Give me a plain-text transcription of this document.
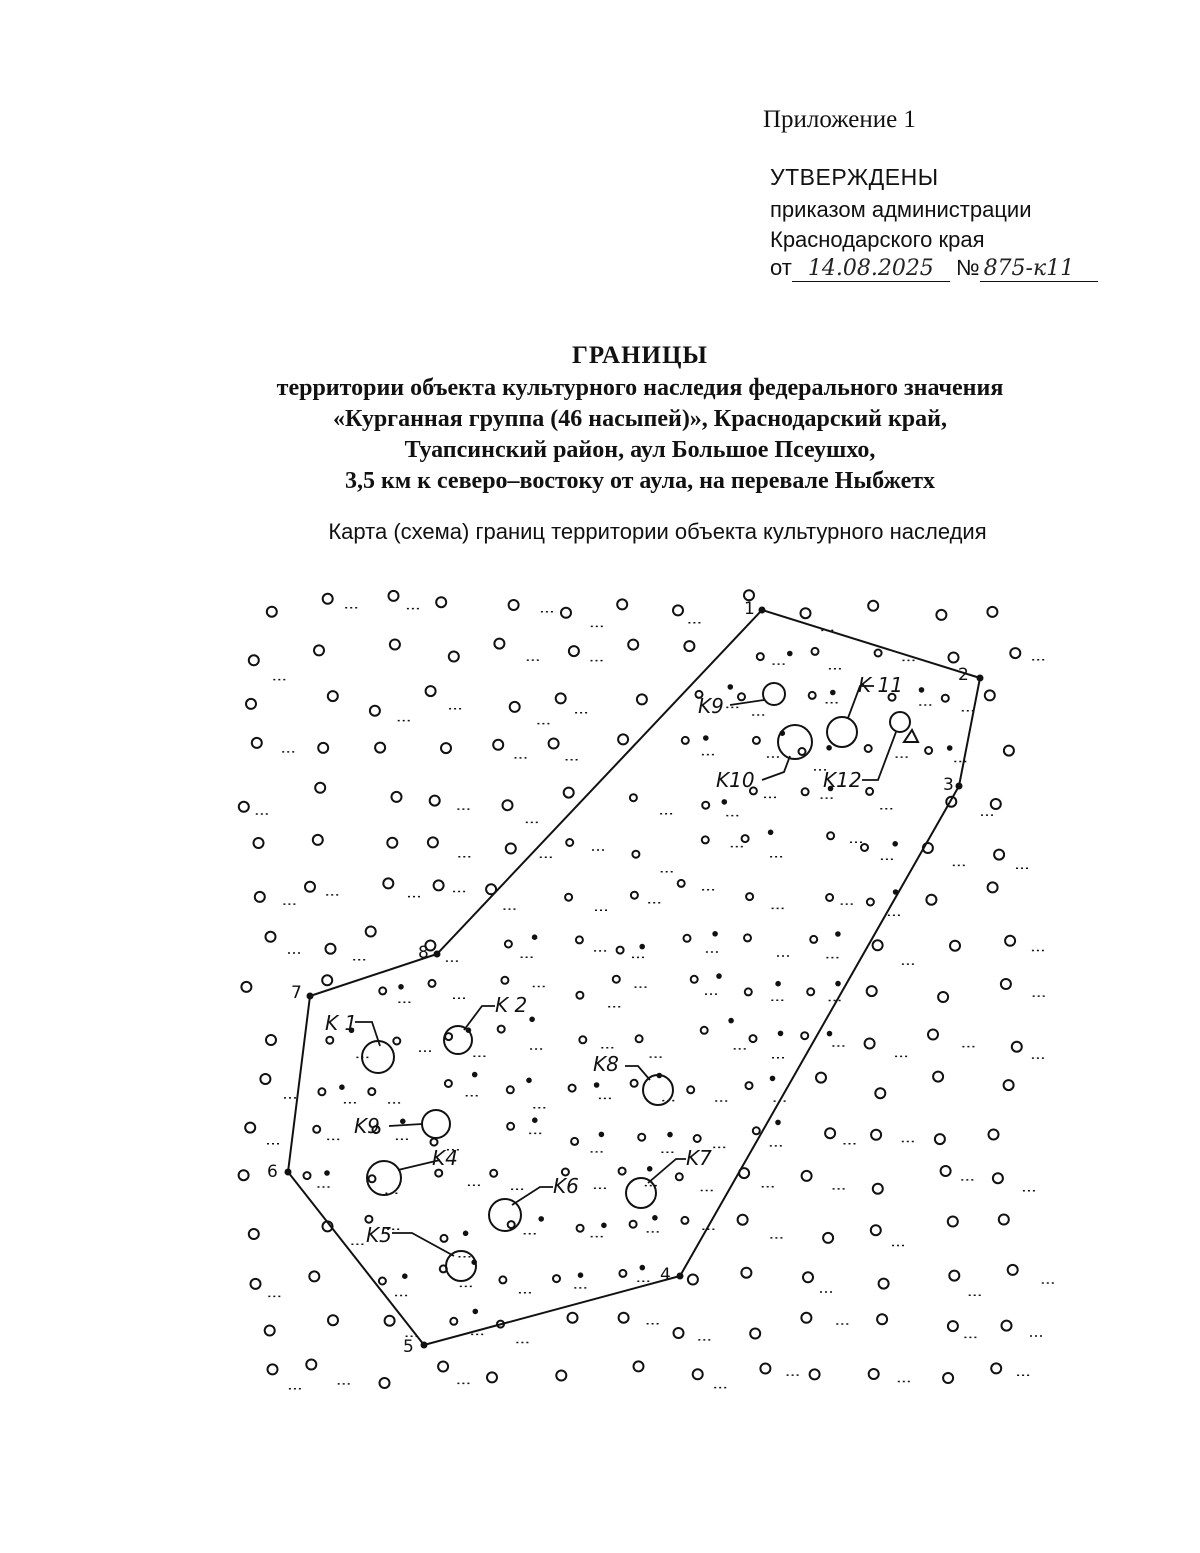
Приложение 1
УТВЕРЖДЕНЫ
приказом администрации
Краснодарского края
от 14.08.2025 № 875-к11
ГРАНИЦЫ
территории объекта культурного наследия федерального значения
«Курганная группа (46 насыпей)», Краснодарский край,
Туапсинский район, аул Большое Псеушхо,
3,5 км к северо–востоку от аула, на перевале Ныбжетх
Карта (схема) границ территории объекта культурного наследия
1
2
3
4
5
6
7
8
K 1
K 2
K4
K5
K6
K7
K8
K9
K9
K10
K 11
K12
